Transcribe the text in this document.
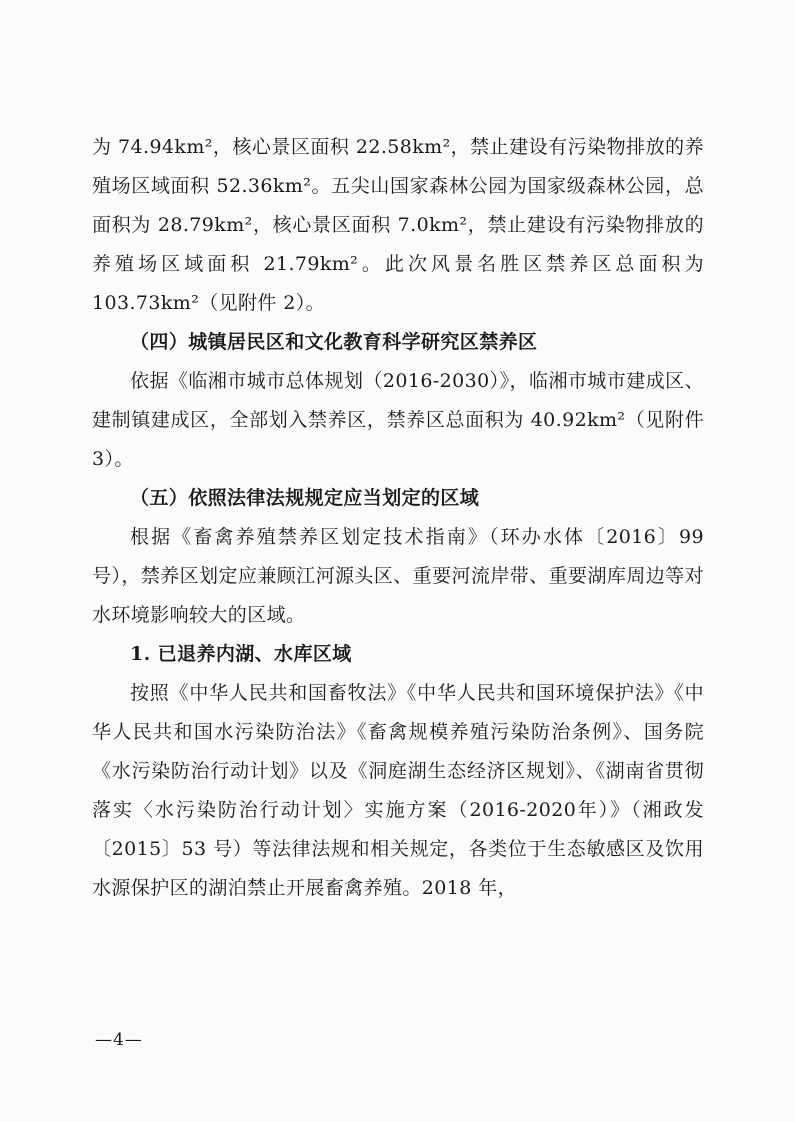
为 74.94km²，核心景区面积 22.58km²，禁止建设有污染物排放的养殖场区域面积 52.36km²。五尖山国家森林公园为国家级森林公园，总面积为 28.79km²，核心景区面积 7.0km²，禁止建设有污染物排放的养殖场区域面积 21.79km²。此次风景名胜区禁养区总面积为 103.73km²（见附件 2）。

（四）城镇居民区和文化教育科学研究区禁养区

依据《临湘市城市总体规划（2016-2030）》，临湘市城市建成区、建制镇建成区，全部划入禁养区，禁养区总面积为 40.92km²（见附件 3）。

（五）依照法律法规规定应当划定的区域

根据《畜禽养殖禁养区划定技术指南》（环办水体〔2016〕99号），禁养区划定应兼顾江河源头区、重要河流岸带、重要湖库周边等对水环境影响较大的区域。

1. 已退养内湖、水库区域

按照《中华人民共和国畜牧法》《中华人民共和国环境保护法》《中华人民共和国水污染防治法》《畜禽规模养殖污染防治条例》、国务院《水污染防治行动计划》以及《洞庭湖生态经济区规划》、《湖南省贯彻落实〈水污染防治行动计划〉实施方案（2016-2020年）》（湘政发〔2015〕53 号）等法律法规和相关规定，各类位于生态敏感区及饮用水源保护区的湖泊禁止开展畜禽养殖。2018 年，

—4—
